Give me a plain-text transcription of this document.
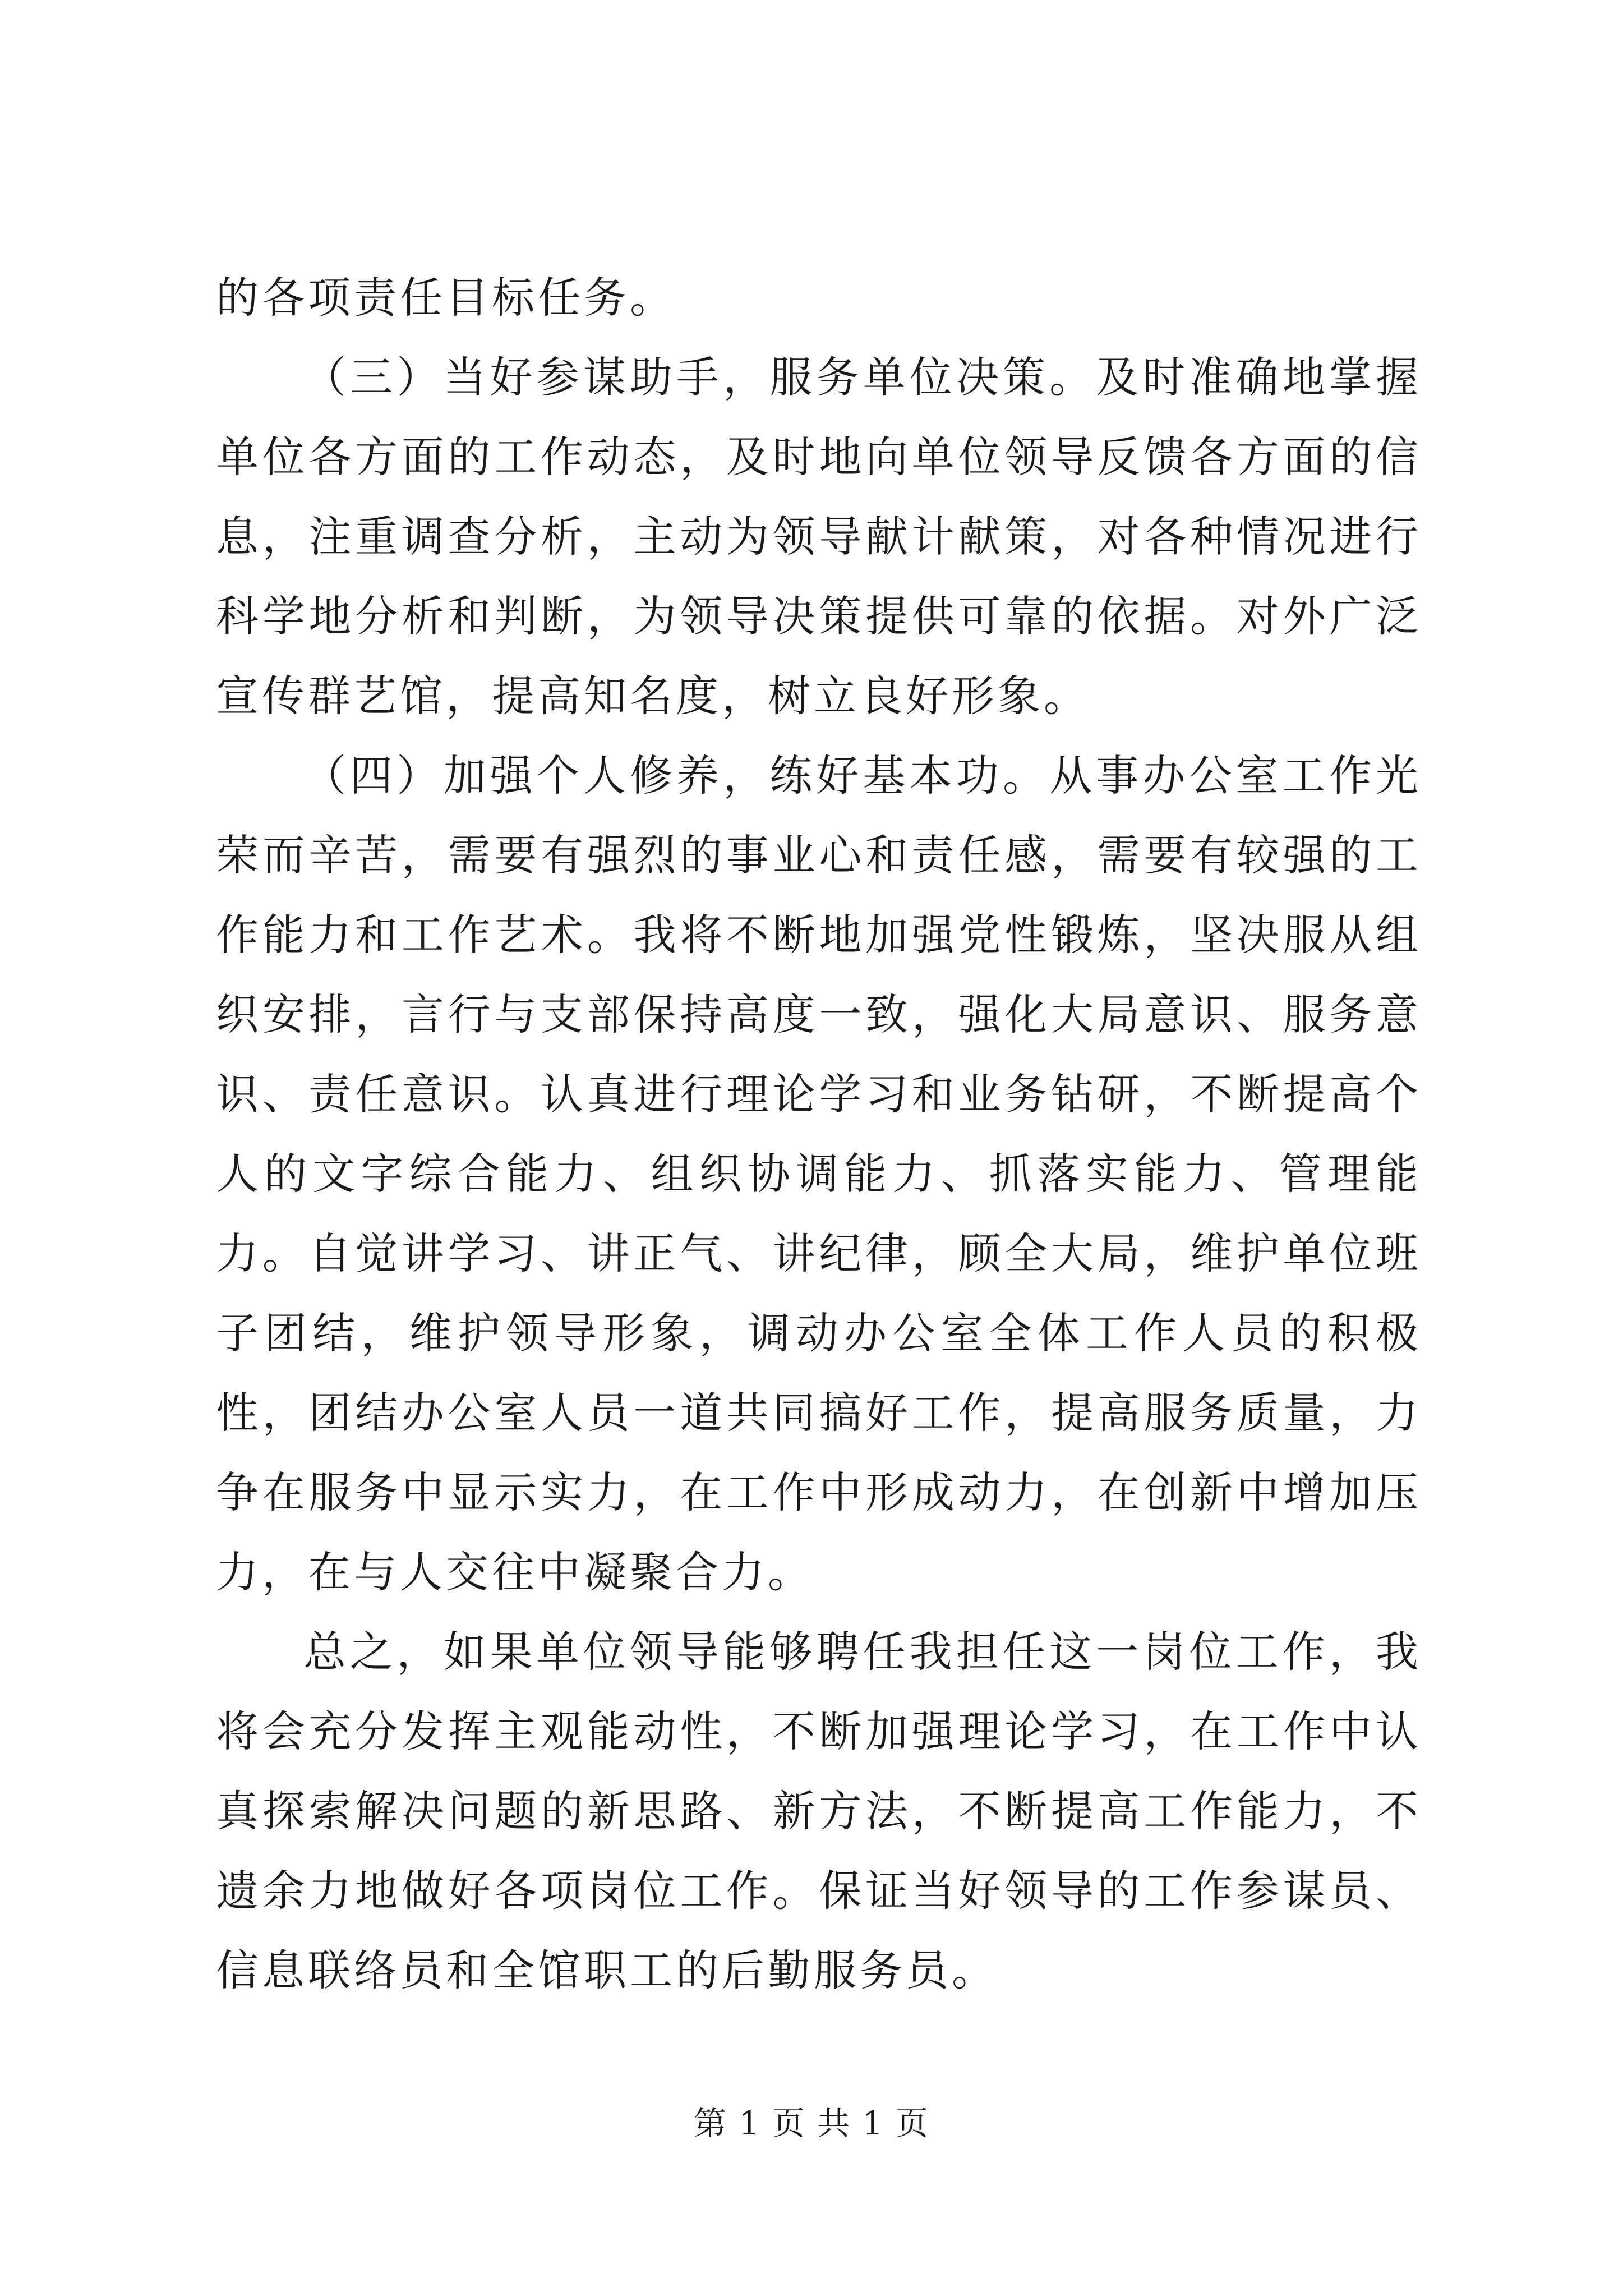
的各项责任目标任务。

（三）当好参谋助手，服务单位决策。及时准确地掌握单位各方面的工作动态，及时地向单位领导反馈各方面的信息，注重调查分析，主动为领导献计献策，对各种情况进行科学地分析和判断，为领导决策提供可靠的依据。对外广泛宣传群艺馆，提高知名度，树立良好形象。

（四）加强个人修养，练好基本功。从事办公室工作光荣而辛苦，需要有强烈的事业心和责任感，需要有较强的工作能力和工作艺术。我将不断地加强党性锻炼，坚决服从组织安排，言行与支部保持高度一致，强化大局意识、服务意识、责任意识。认真进行理论学习和业务钻研，不断提高个人的文字综合能力、组织协调能力、抓落实能力、管理能力。自觉讲学习、讲正气、讲纪律，顾全大局，维护单位班子团结，维护领导形象，调动办公室全体工作人员的积极性，团结办公室人员一道共同搞好工作，提高服务质量，力争在服务中显示实力，在工作中形成动力，在创新中增加压力，在与人交往中凝聚合力。

总之，如果单位领导能够聘任我担任这一岗位工作，我将会充分发挥主观能动性，不断加强理论学习，在工作中认真探索解决问题的新思路、新方法，不断提高工作能力，不遗余力地做好各项岗位工作。保证当好领导的工作参谋员、信息联络员和全馆职工的后勤服务员。

第 1 页 共 1 页
